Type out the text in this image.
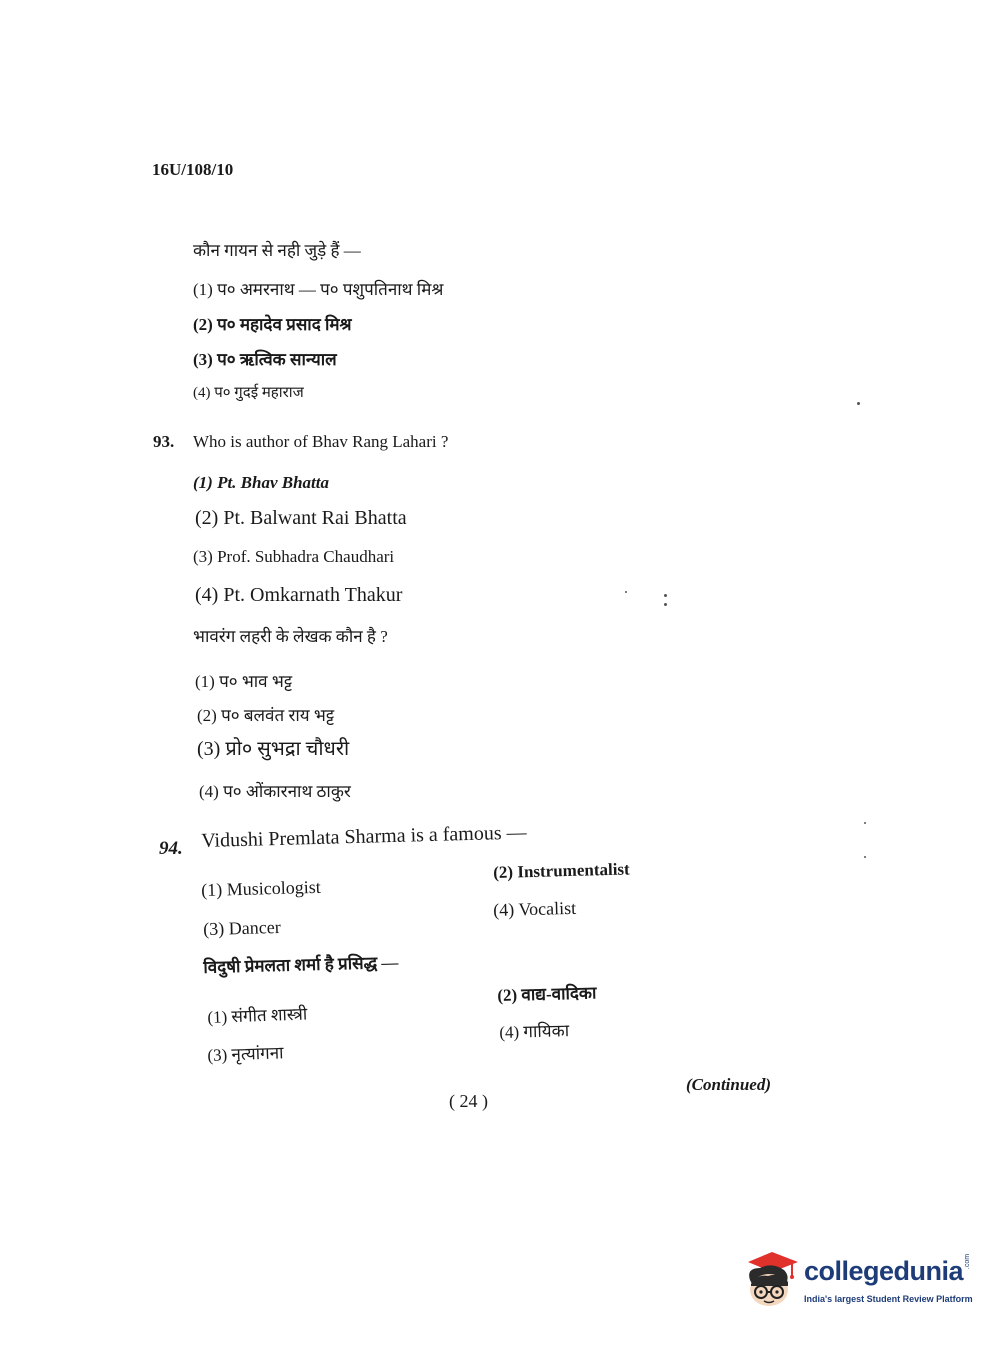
16U/108/10
कौन गायन से नही जुड़े हैं —
(1) प० अमरनाथ — प० पशुपतिनाथ मिश्र
(2) प० महादेव प्रसाद मिश्र
(3) प० ऋत्विक सान्याल
(4) प० गुदई महाराज
93. Who is author of Bhav Rang Lahari ?
(1) Pt. Bhav Bhatta
(2) Pt. Balwant Rai Bhatta
(3) Prof. Subhadra Chaudhari
(4) Pt. Omkarnath Thakur
भावरंग लहरी के लेखक कौन है ?
(1) प० भाव भट्ट
(2) प० बलवंत राय भट्ट
(3) प्रो० सुभद्रा चौधरी
(4) प० ओंकारनाथ ठाकुर
94. Vidushi Premlata Sharma is a famous —
(1) Musicologist
(2) Instrumentalist
(3) Dancer
(4) Vocalist
विदुषी प्रेमलता शर्मा है प्रसिद्ध —
(1) संगीत शास्त्री
(2) वाद्य-वादिका
(3) नृत्यांगना
(4) गायिका
( 24 )
(Continued)
collegedunia .com
India's largest Student Review Platform
